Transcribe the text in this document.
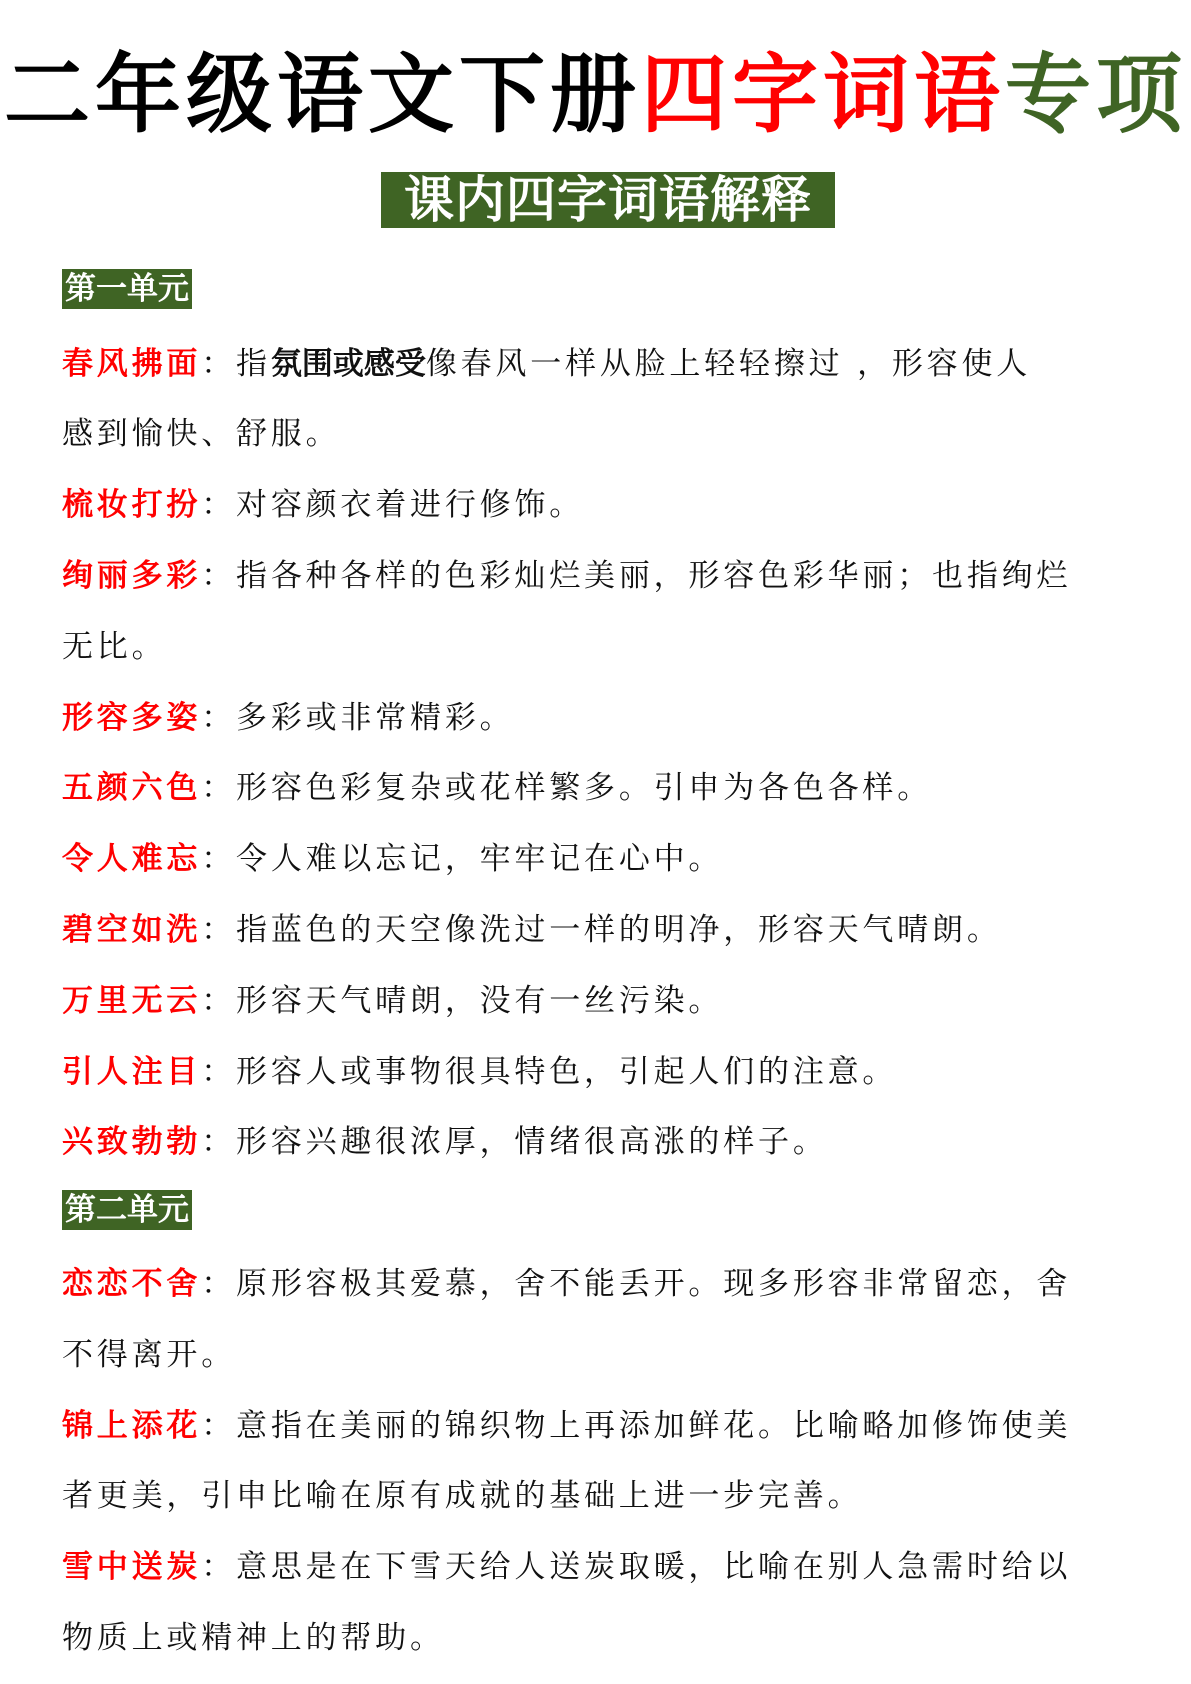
二年级语文下册四字词语专项
课内四字词语解释
第一单元
春风拂面 ： 指 氛围或感受 像春风一样从脸上轻轻擦过 ，形容使人
感到愉快、舒服。
梳妆打扮 ： 对容颜衣着进行修饰。
绚丽多彩 ： 指各种各样的色彩灿烂美丽，形容色彩华丽；也指绚烂
无比。
形容多姿 ： 多彩或非常精彩。
五颜六色 ： 形容色彩复杂或花样繁多。引申为各色各样。
令人难忘 ： 令人难以忘记，牢牢记在心中。
碧空如洗 ： 指蓝色的天空像洗过一样的明净，形容天气晴朗。
万里无云 ： 形容天气晴朗，没有一丝污染。
引人注目 ： 形容人或事物很具特色，引起人们的注意。
兴致勃勃 ： 形容兴趣很浓厚，情绪很高涨的样子。
第二单元
恋恋不舍 ： 原形容极其爱慕，舍不能丢开。现多形容非常留恋，舍
不得离开。
锦上添花 ： 意指在美丽的锦织物上再添加鲜花。比喻略加修饰使美
者更美，引申比喻在原有成就的基础上进一步完善。
雪中送炭 ： 意思是在下雪天给人送炭取暖，比喻在别人急需时给以
物质上或精神上的帮助。
